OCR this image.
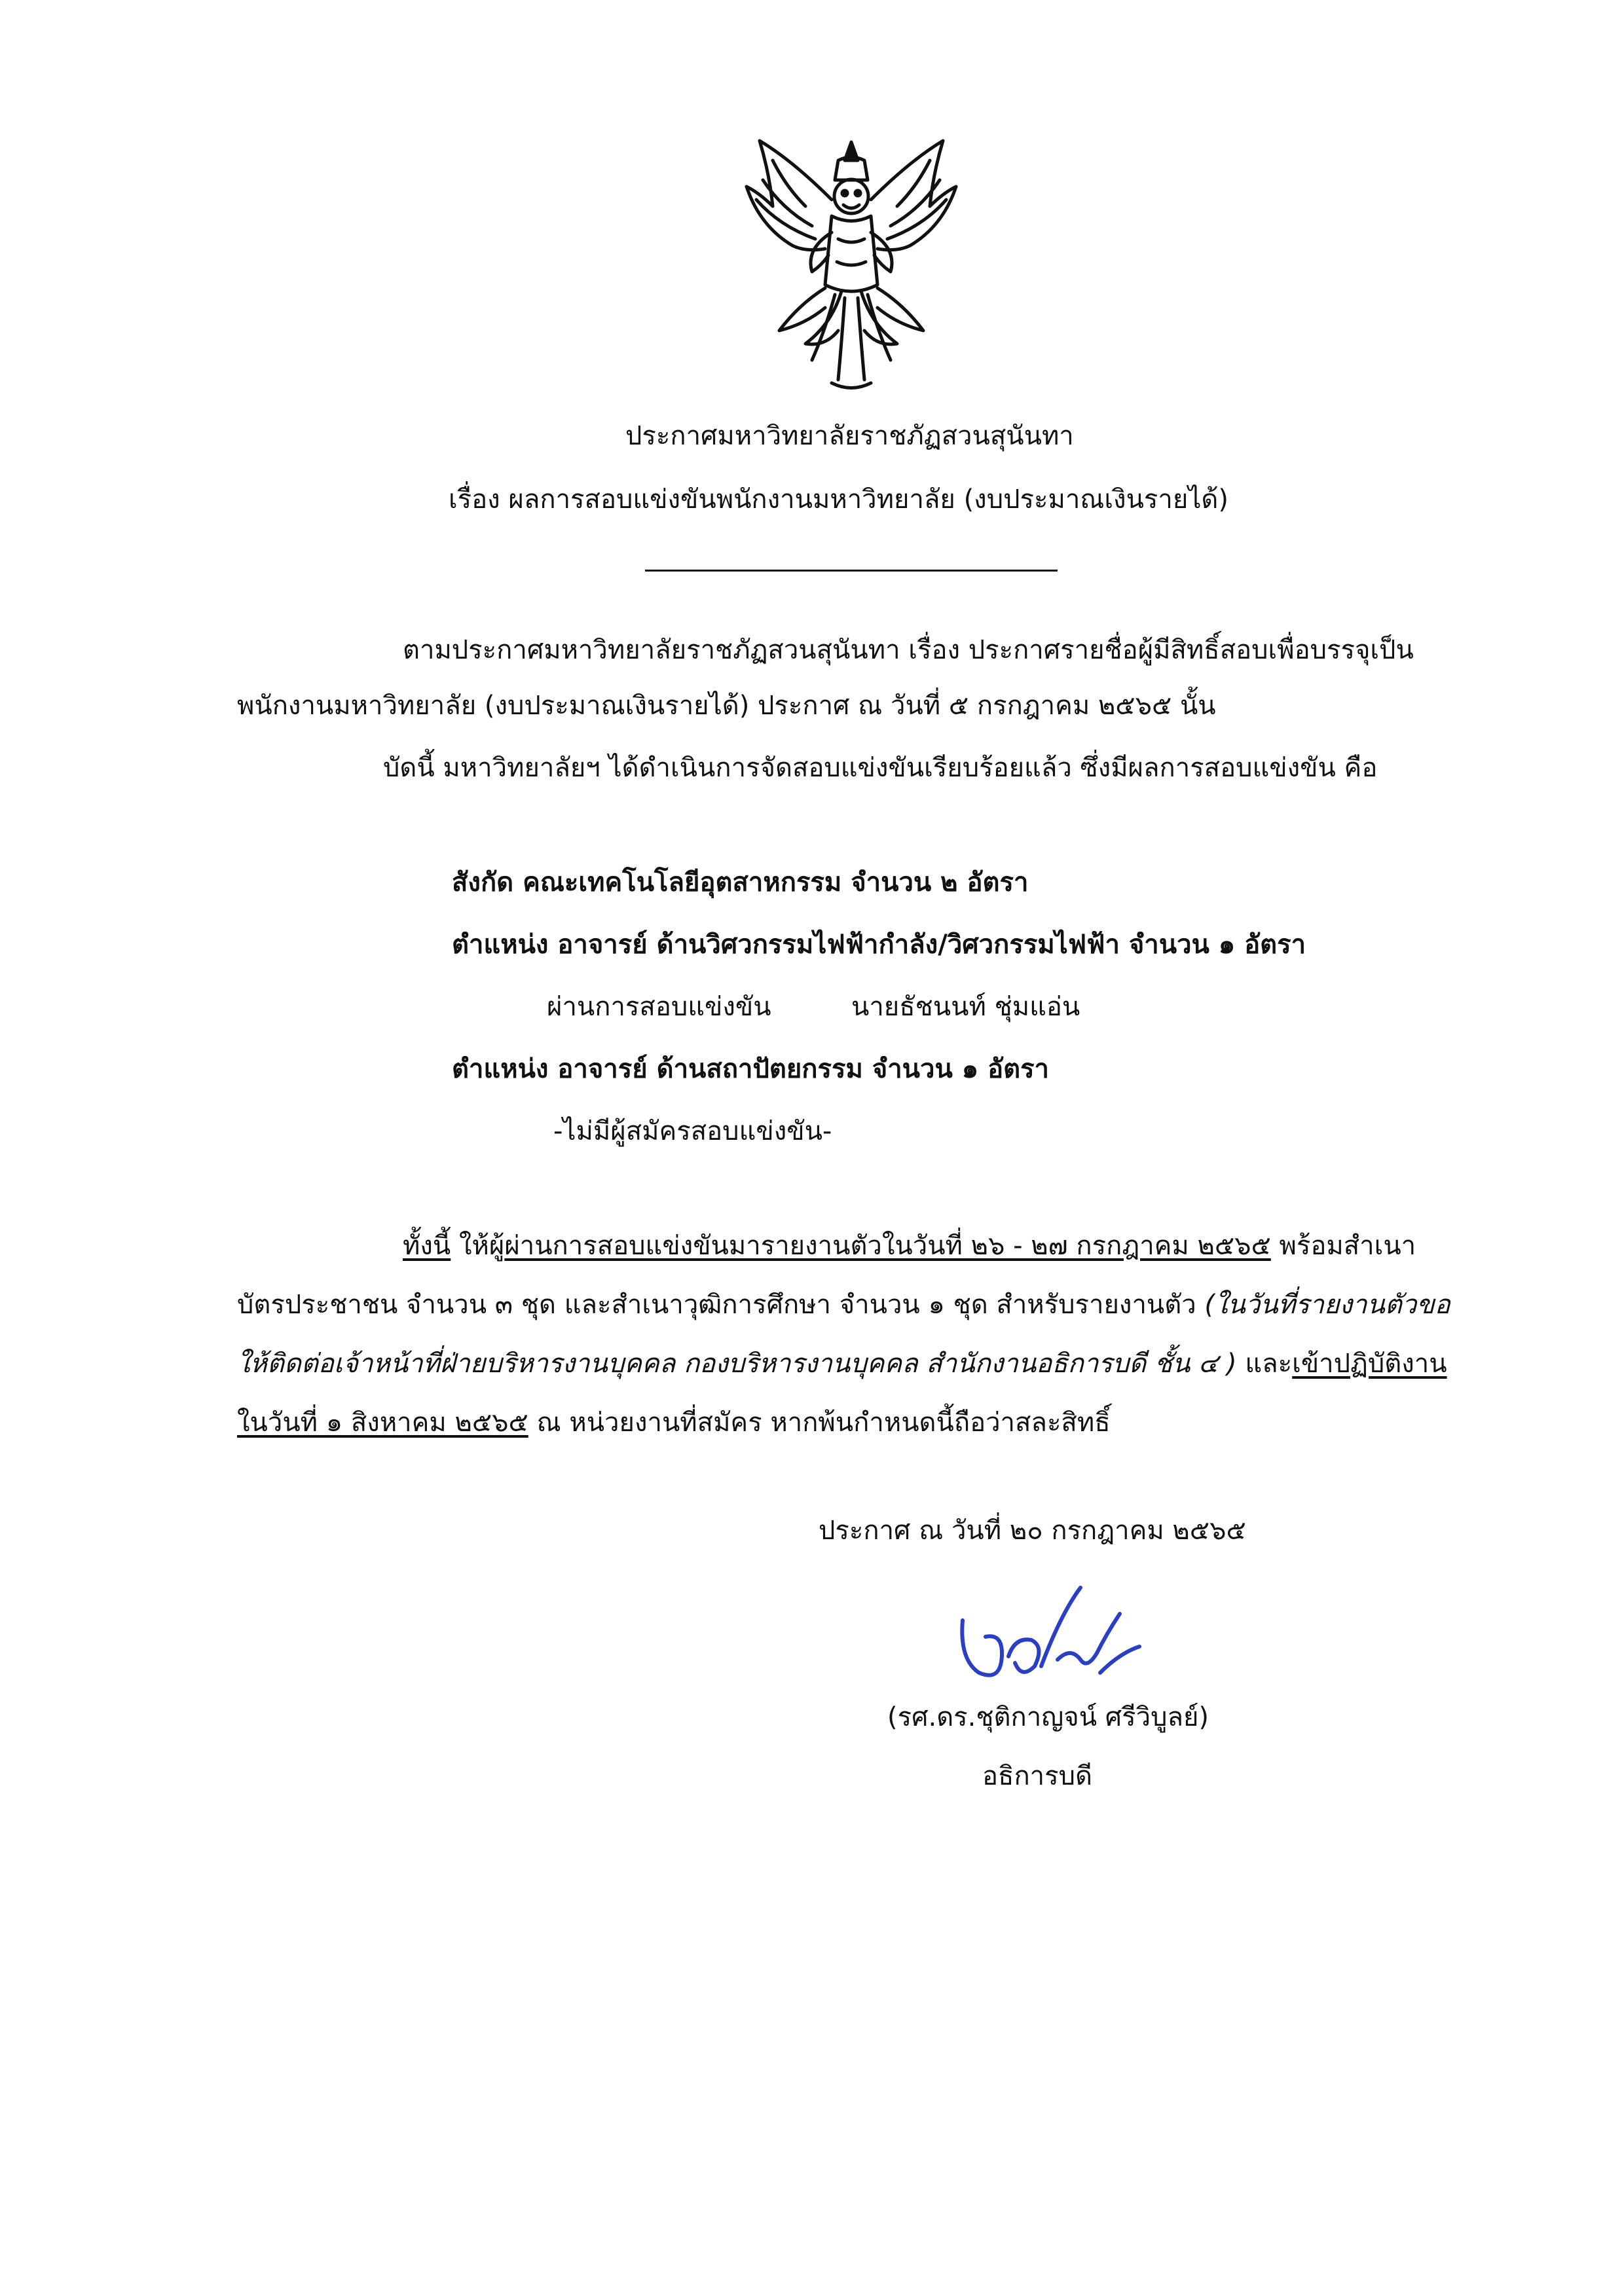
ประกาศมหาวิทยาลัยราชภัฏสวนสุนันทา
เรื่อง ผลการสอบแข่งขันพนักงานมหาวิทยาลัย (งบประมาณเงินรายได้)
ตามประกาศมหาวิทยาลัยราชภัฏสวนสุนันทา เรื่อง ประกาศรายชื่อผู้มีสิทธิ์สอบเพื่อบรรจุเป็น
พนักงานมหาวิทยาลัย (งบประมาณเงินรายได้) ประกาศ ณ วันที่ ๕ กรกฎาคม ๒๕๖๕ นั้น
บัดนี้ มหาวิทยาลัยฯ ได้ดำเนินการจัดสอบแข่งขันเรียบร้อยแล้ว ซึ่งมีผลการสอบแข่งขัน คือ
สังกัด คณะเทคโนโลยีอุตสาหกรรม จำนวน ๒ อัตรา
ตำแหน่ง อาจารย์ ด้านวิศวกรรมไฟฟ้ากำลัง/วิศวกรรมไฟฟ้า จำนวน ๑ อัตรา
ผ่านการสอบแข่งขัน	นายธัชนนท์ ชุ่มแอ่น
ตำแหน่ง อาจารย์ ด้านสถาปัตยกรรม จำนวน ๑ อัตรา
-ไม่มีผู้สมัครสอบแข่งขัน-
ทั้งนี้ ให้ผู้ผ่านการสอบแข่งขันมารายงานตัวในวันที่ ๒๖ - ๒๗ กรกฎาคม ๒๕๖๕ พร้อมสำเนา
บัตรประชาชน จำนวน ๓ ชุด และสำเนาวุฒิการศึกษา จำนวน ๑ ชุด สำหรับรายงานตัว (ในวันที่รายงานตัวขอ
ให้ติดต่อเจ้าหน้าที่ฝ่ายบริหารงานบุคคล กองบริหารงานบุคคล สำนักงานอธิการบดี ชั้น ๔ ) และเข้าปฏิบัติงาน
ในวันที่ ๑ สิงหาคม ๒๕๖๕ ณ หน่วยงานที่สมัคร หากพ้นกำหนดนี้ถือว่าสละสิทธิ์
ประกาศ ณ วันที่ ๒๐ กรกฎาคม ๒๕๖๕
(รศ.ดร.ชุติกาญจน์ ศรีวิบูลย์)
อธิการบดี
